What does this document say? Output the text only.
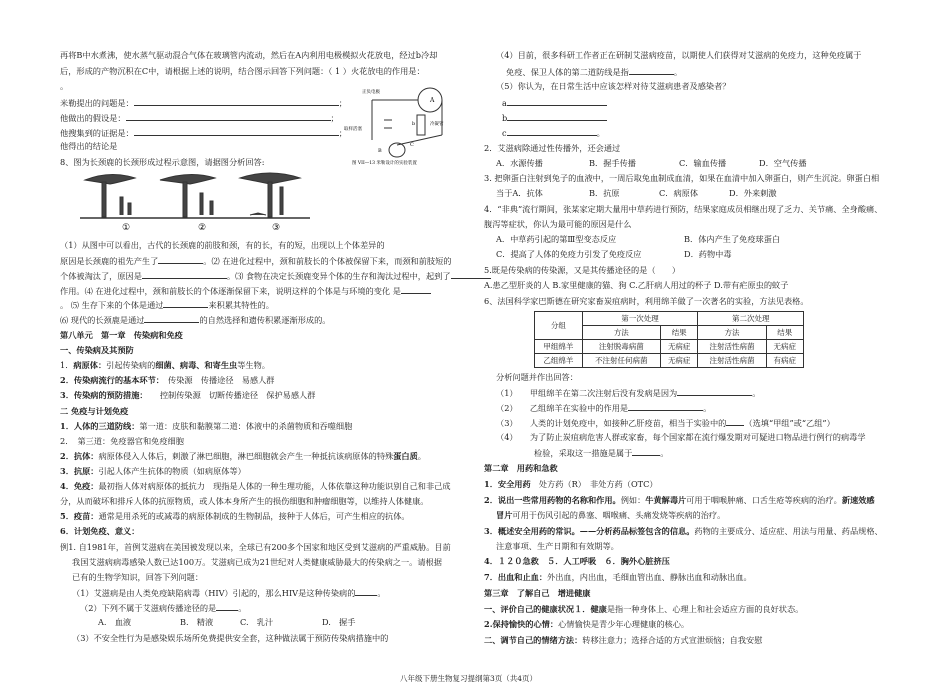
再将B中水煮沸，使水蒸气驱动混合气体在玻璃管内流动，然后在A内利用电极模拟火花放电，经过b冷却
后，形成的产物沉积在C中，请根据上述的说明，结合图示回答下列问题：（ 1 ）火花放电的作用是：
。
米勒提出的问题是：	；
他做出的假设是：	；
他搜集到的证据是：	；
他得出的结论是
8、图为长颈鹿的长颈形成过程示意图，请据图分析回答:
①	②	③
正负电极
A
冷凝管
b
取样活塞
B
C
图 VII—13 米勒设计的实验装置
（1）从图中可以看出，古代的长颈鹿的前肢和颈，有的长，有的短，出现以上个体差异的
原因是长颈鹿的祖先产生了	。⑵ 在进化过程中，颈和前肢长的个体被保留下来，而颈和前肢短的
个体被淘汰了，原因是	。⑶ 食物在决定长颈鹿变异个体的生存和淘汰过程中，起到了
作用。⑷ 在进化过程中，颈和前肢长的个体逐渐保留下来，说明这样的个体是与环境的变化 是
。 ⑸ 生存下来的个体是通过	来积累其特性的。
⑹ 现代的长颈鹿是通过	的自然选择和遗传积累逐渐形成的。
第八单元　第一章　传染病和免疫
一、传染病及其预防
1．病原体：引起传染病的细菌、病毒、和寄生虫等生物。
2．传染病流行的基本环节：　传染源　传播途径　易感人群
3．传染病的预防措施：　　控制传染源　切断传播途径　保护易感人群
二 免疫与计划免疫
1．人体的三道防线：第一道：皮肤和黏膜第二道：体液中的杀菌物质和吞噬细胞
2．　第三道：免疫器官和免疫细胞
2．抗体：病原体侵入人体后，刺激了淋巴细胞，淋巴细胞就会产生一种抵抗该病原体的特殊蛋白质。
3．抗原：引起人体产生抗体的物质（如病原体等）
4．免疫：最初指人体对病原体的抵抗力　现指是人体的一种生理功能，人体依靠这种功能识别自己和非己成
分，从而破坏和排斥人体的抗原物质，或人体本身所产生的损伤细胞和肿瘤细胞等，以维持人体健康。
5．疫苗：通常是用杀死的或减毒的病原体制成的生物制品，接种于人体后，可产生相应的抗体。
6．计划免疫、意义：
例1. 自1981年，首例艾滋病在美国被发现以来，全球已有200多个国家和地区受到艾滋病的严重威胁。目前
我国艾滋病病毒感染人数已达100万。艾滋病已成为21世纪对人类健康威胁最大的传染病之一。请根据
已有的生物学知识，回答下列问题：
（1）艾滋病是由人类免疫缺陷病毒（HIV）引起的，那么HIV是这种传染病的	。
（2）下列不属于艾滋病传播途径的是	。
A.　血液	B.　精液	C.　乳汁	D.　握手
（3）不安全性行为是感染娱乐场所免费提供安全套，这种做法属于预防传染病措施中的
（4）目前，很多科研工作者正在研制艾滋病疫苗，以期使人们获得对艾滋病的免疫力，这种免疫属于
免疫、保卫人体的第二道防线是指	。
（5）你认为，在日常生活中应该怎样对待艾滋病患者及感染者？
a
b
c	。
2．艾滋病除通过性传播外，还会通过
A．水源传播	B．握手传播	C．输血传播	D．空气传播
3. 把卵蛋白注射到兔子的血液中，一周后取兔血制成血清，如果在血清中加入卵蛋白，则产生沉淀。卵蛋白相
当于A．抗体	B．抗原	C．病原体	D．外来刺激
4．“非典”流行期间，张某家定期大量用中草药进行预防，结果家庭成员相继出现了乏力、关节痛、全身酸痛、
腹泻等症状，你认为最可能的原因是什么
A．中草药引起的第Ⅲ型变态反应	B．体内产生了免疫球蛋白
C．提高了人体的免疫力引发了免疫反应	D．药物中毒
5.既是传染病的传染源，又是其传播途径的是（　　）
A.患乙型肝炎的人 B.家里健康的猫、狗 C.乙肝病人用过的杯子 D.带有疟原虫的蚊子
6、法国科学家巴斯德在研究家畜炭疽病时，利用绵羊做了一次著名的实验，方法见表格。
分组	第一次处理		第二次处理	
	方法	结果	方法	结果
甲组绵羊	注射脱毒病菌	无病症	注射活性病菌	无病症
乙组绵羊	不注射任何病菌	无病症	注射活性病菌	有病症
分析问题并作出回答：
（1）　　甲组绵羊在第二次注射后没有发病是因为	。
（2）　　乙组绵羊在实验中的作用是	。
（3）　　人类的计划免疫中，如接种乙肝疫苗，相当于实验中的 （选填“甲组”或“乙组”）
（4）　　为了防止炭疽病危害人群或家畜，每个国家都在流行爆发期对可疑进口物品进行例行的病毒学
检验，采取这一措施是属于	。
第二章　用药和急救
1．安全用药　处方药（R）　非处方药（OTC）
2．说出一些常用药物的名称和作用。例如：牛黄解毒片可用于咽喉肿痛、口舌生疮等疾病的治疗。新速效感
冒片可用于伤风引起的鼻塞、咽喉痛、头痛发烧等疾病的治疗。
3．概述安全用药的常识。——分析药品标签包含的信息。药物的主要成分、适应症、用法与用量、药品规格、
注意事项、生产日期和有效期等。
4．１２０急救　５．人工呼吸　６．胸外心脏挤压
7．出血和止血：外出血，内出血，毛细血管出血、静脉出血和动脉出血。
第三章　了解自己　增进健康
一、评价自己的健康状况１．健康是指一种身体上、心理上和社会适应方面的良好状态。
2.保持愉快的心情：心情愉快是青少年心理健康的核心。
二、调节自己的情绪方法：转移注意力；选择合适的方式宣泄烦恼；自我安慰
八年级下册生物复习提纲第3页（共4页）
